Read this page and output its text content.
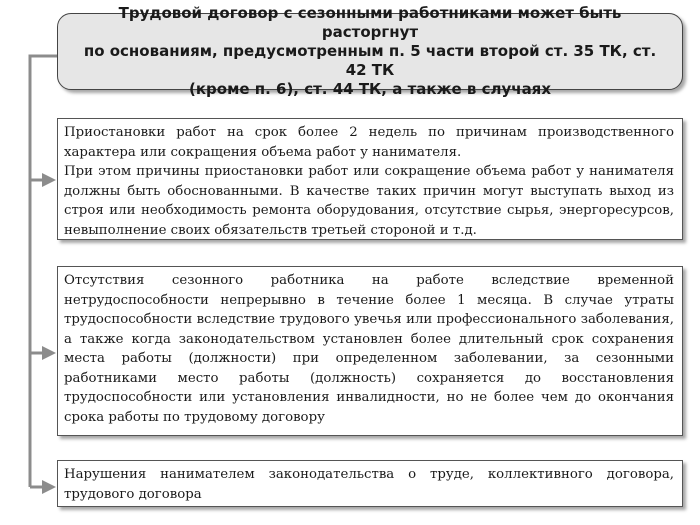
Трудовой договор с сезонными работниками может быть расторгнут
по основаниям, предусмотренным п. 5 части второй ст. 35 ТК, ст. 42 ТК
(кроме п. 6), ст. 44 ТК, а также в случаях

Приостановки работ на срок более 2 недель по причинам производственного характера или сокращения объема работ у нанимателя.

При этом причины приостановки работ или сокращение объема работ у нанимателя должны быть обоснованными. В качестве таких причин могут выступать выход из строя или необходимость ремонта оборудования, отсутствие сырья, энергоресурсов, невыполнение своих обязательств третьей стороной и т.д.

Отсутствия сезонного работника на работе вследствие временной нетрудоспособности непрерывно в течение более 1 месяца. В случае утраты трудоспособности вследствие трудового увечья или профессионального заболевания, а также когда законодательством установлен более длительный срок сохранения места работы (должности) при определенном заболевании, за сезонными работниками место работы (должность) сохраняется до восстановления трудоспособности или установления инвалидности, но не более чем до окончания срока работы по трудовому договору

Нарушения нанимателем законодательства о труде, коллективного договора, трудового договора
